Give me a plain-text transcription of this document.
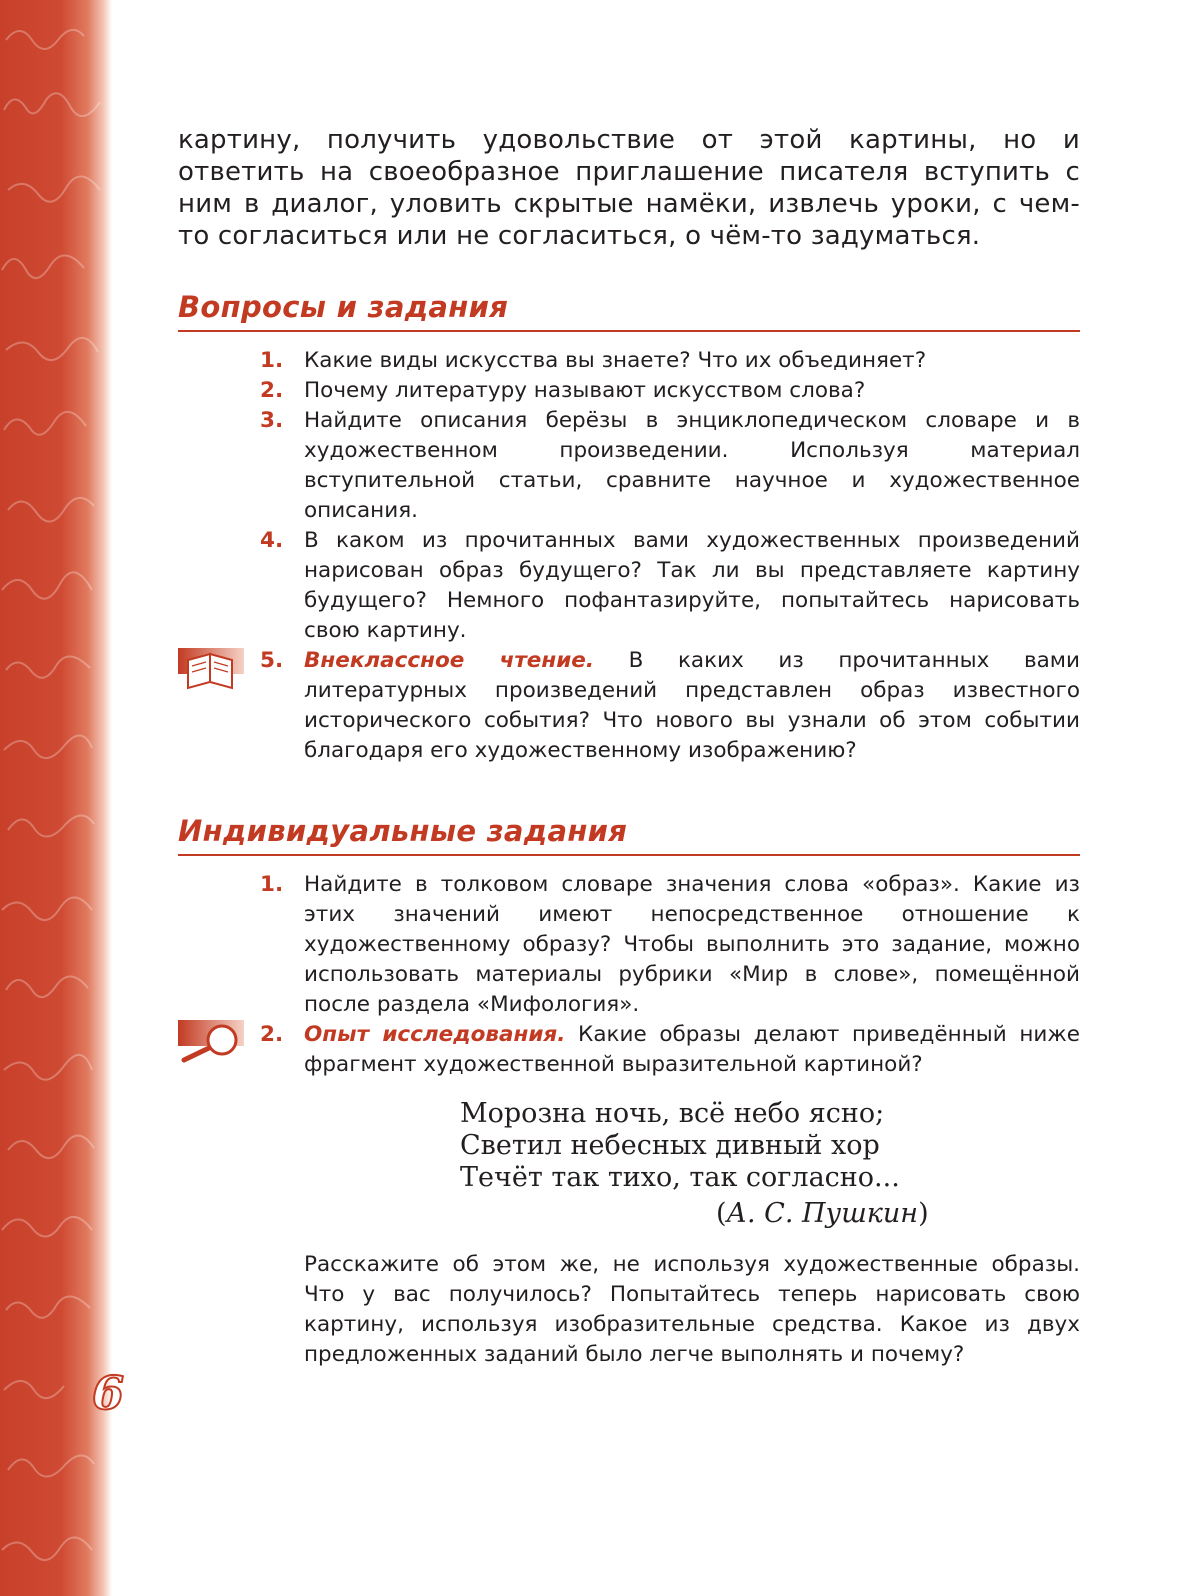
6

картину, получить удовольствие от этой картины, но и ответить на своеобразное приглашение писателя вступить с ним в диалог, уловить скрытые намёки, извлечь уроки, с чем-то согласиться или не согласиться, о чём-то задуматься.

Вопросы и задания
1. Какие виды искусства вы знаете? Что их объединяет?
2. Почему литературу называют искусством слова?
3. Найдите описания берёзы в энциклопедическом словаре и в художественном произведении. Используя материал вступительной статьи, сравните научное и художественное описания.
4. В каком из прочитанных вами художественных произведений нарисован образ будущего? Так ли вы представляете картину будущего? Немного пофантазируйте, попытайтесь нарисовать свою картину.
5. Внеклассное чтение. В каких из прочитанных вами литературных произведений представлен образ известного исторического события? Что нового вы узнали об этом событии благодаря его художественному изображению?
Индивидуальные задания
1. Найдите в толковом словаре значения слова «образ». Какие из этих значений имеют непосредственное отношение к художественному образу? Чтобы выполнить это задание, можно использовать материалы рубрики «Мир в слове», помещённой после раздела «Мифология».
2. Опыт исследования. Какие образы делают приведённый ниже фрагмент художественной выразительной картиной?
Морозна ночь, всё небо ясно;
Светил небесных дивный хор
Течёт так тихо, так согласно...
(А. С. Пушкин)

Расскажите об этом же, не используя художественные образы. Что у вас получилось? Попытайтесь теперь нарисовать свою картину, используя изобразительные средства. Какое из двух предложенных заданий было легче выполнять и почему?
